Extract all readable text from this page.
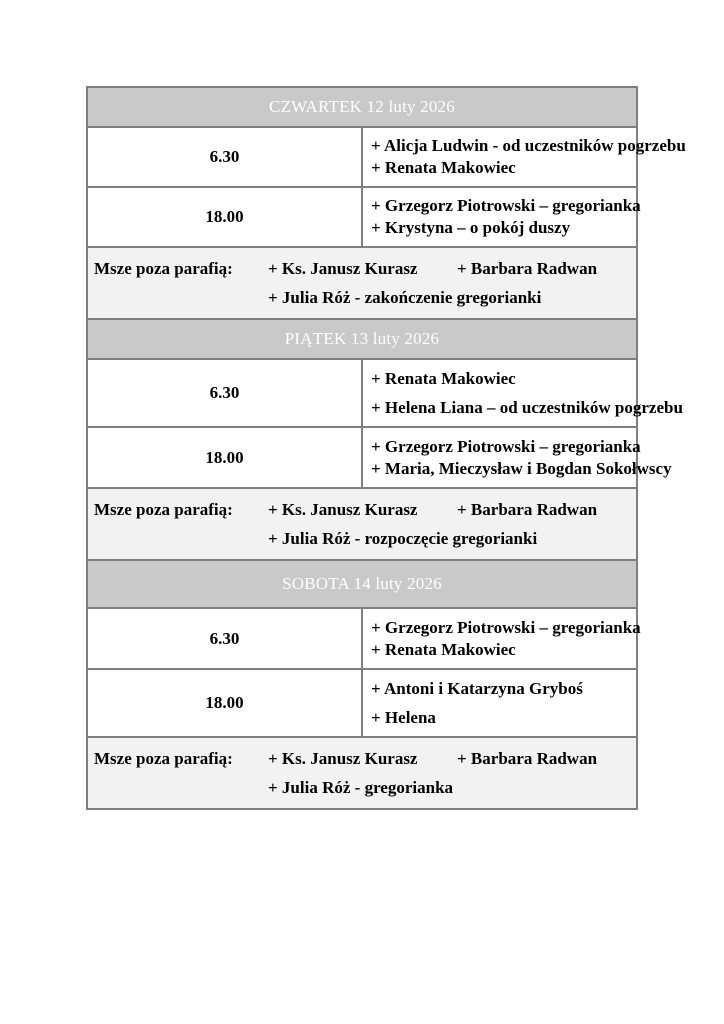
CZWARTEK 12 luty 2026	
6.30	+ Alicja Ludwin - od uczestników pogrzebu
+ Renata Makowiec

18.00	+ Grzegorz Piotrowski – gregorianka
+ Krystyna – o pokój duszy

Msze poza parafią: + Ks. Janusz Kurasz + Barbara Radwan
+ Julia Róż - zakończenie gregorianki	

PIĄTEK 13 luty 2026	
6.30	+ Renata Makowiec
+ Helena Liana – od uczestników pogrzebu

18.00	+ Grzegorz Piotrowski – gregorianka
+ Maria, Mieczysław i Bogdan Sokołwscy

Msze poza parafią: + Ks. Janusz Kurasz + Barbara Radwan
+ Julia Róż - rozpoczęcie gregorianki	

SOBOTA 14 luty 2026	
6.30	+ Grzegorz Piotrowski – gregorianka
+ Renata Makowiec

18.00	+ Antoni i Katarzyna Gryboś
+ Helena

Msze poza parafią: + Ks. Janusz Kurasz + Barbara Radwan
+ Julia Róż - gregorianka	
